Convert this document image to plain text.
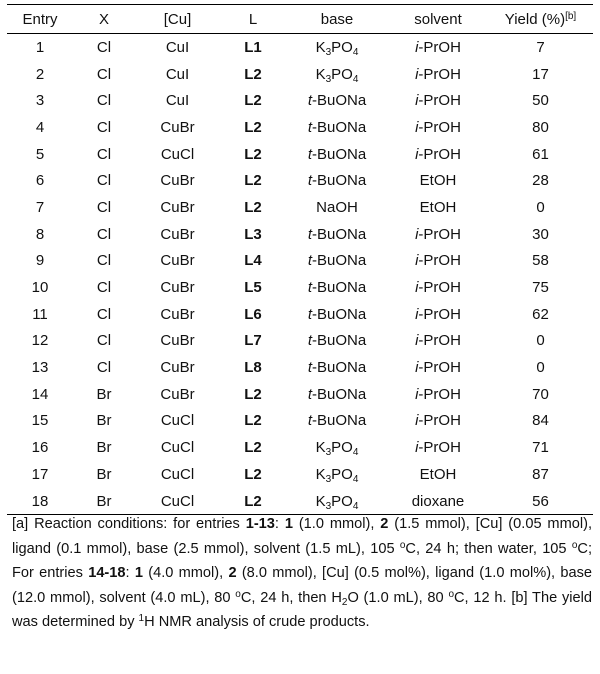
Entry	X	[Cu]	L	base	solvent	Yield (%)[b]
1	Cl	CuI	L1	$K_3PO_4$	i-PrOH	7
2	Cl	CuI	L2	$K_3PO_4$	i-PrOH	17
3	Cl	CuI	L2	t-BuONa	i-PrOH	50
4	Cl	CuBr	L2	t-BuONa	i-PrOH	80
5	Cl	CuCl	L2	t-BuONa	i-PrOH	61
6	Cl	CuBr	L2	t-BuONa	EtOH	28
7	Cl	CuBr	L2	NaOH	EtOH	0
8	Cl	CuBr	L3	t-BuONa	i-PrOH	30
9	Cl	CuBr	L4	t-BuONa	i-PrOH	58
10	Cl	CuBr	L5	t-BuONa	i-PrOH	75
11	Cl	CuBr	L6	t-BuONa	i-PrOH	62
12	Cl	CuBr	L7	t-BuONa	i-PrOH	0
13	Cl	CuBr	L8	t-BuONa	i-PrOH	0
14	Br	CuBr	L2	t-BuONa	i-PrOH	70
15	Br	CuCl	L2	t-BuONa	i-PrOH	84
16	Br	CuCl	L2	$K_3PO_4$	i-PrOH	71
17	Br	CuCl	L2	$K_3PO_4$	EtOH	87
18	Br	CuCl	L2	$K_3PO_4$	dioxane	56
[a] Reaction conditions: for entries 1-13: 1 (1.0 mmol), 2 (1.5 mmol), [Cu] (0.05 mmol), ligand (0.1 mmol), base (2.5 mmol), solvent (1.5 mL), 105 $^o$C, 24 h; then water, 105 $^o$C; For entries 14-18: 1 (4.0 mmol), 2 (8.0 mmol), [Cu] (0.5 mol%), ligand (1.0 mol%), base (12.0 mmol), solvent (4.0 mL), 80 $^o$C, 24 h, then $H_2O$ (1.0 mL), 80 $^o$C, 12 h. [b] The yield was determined by $^1$H NMR analysis of crude products.
